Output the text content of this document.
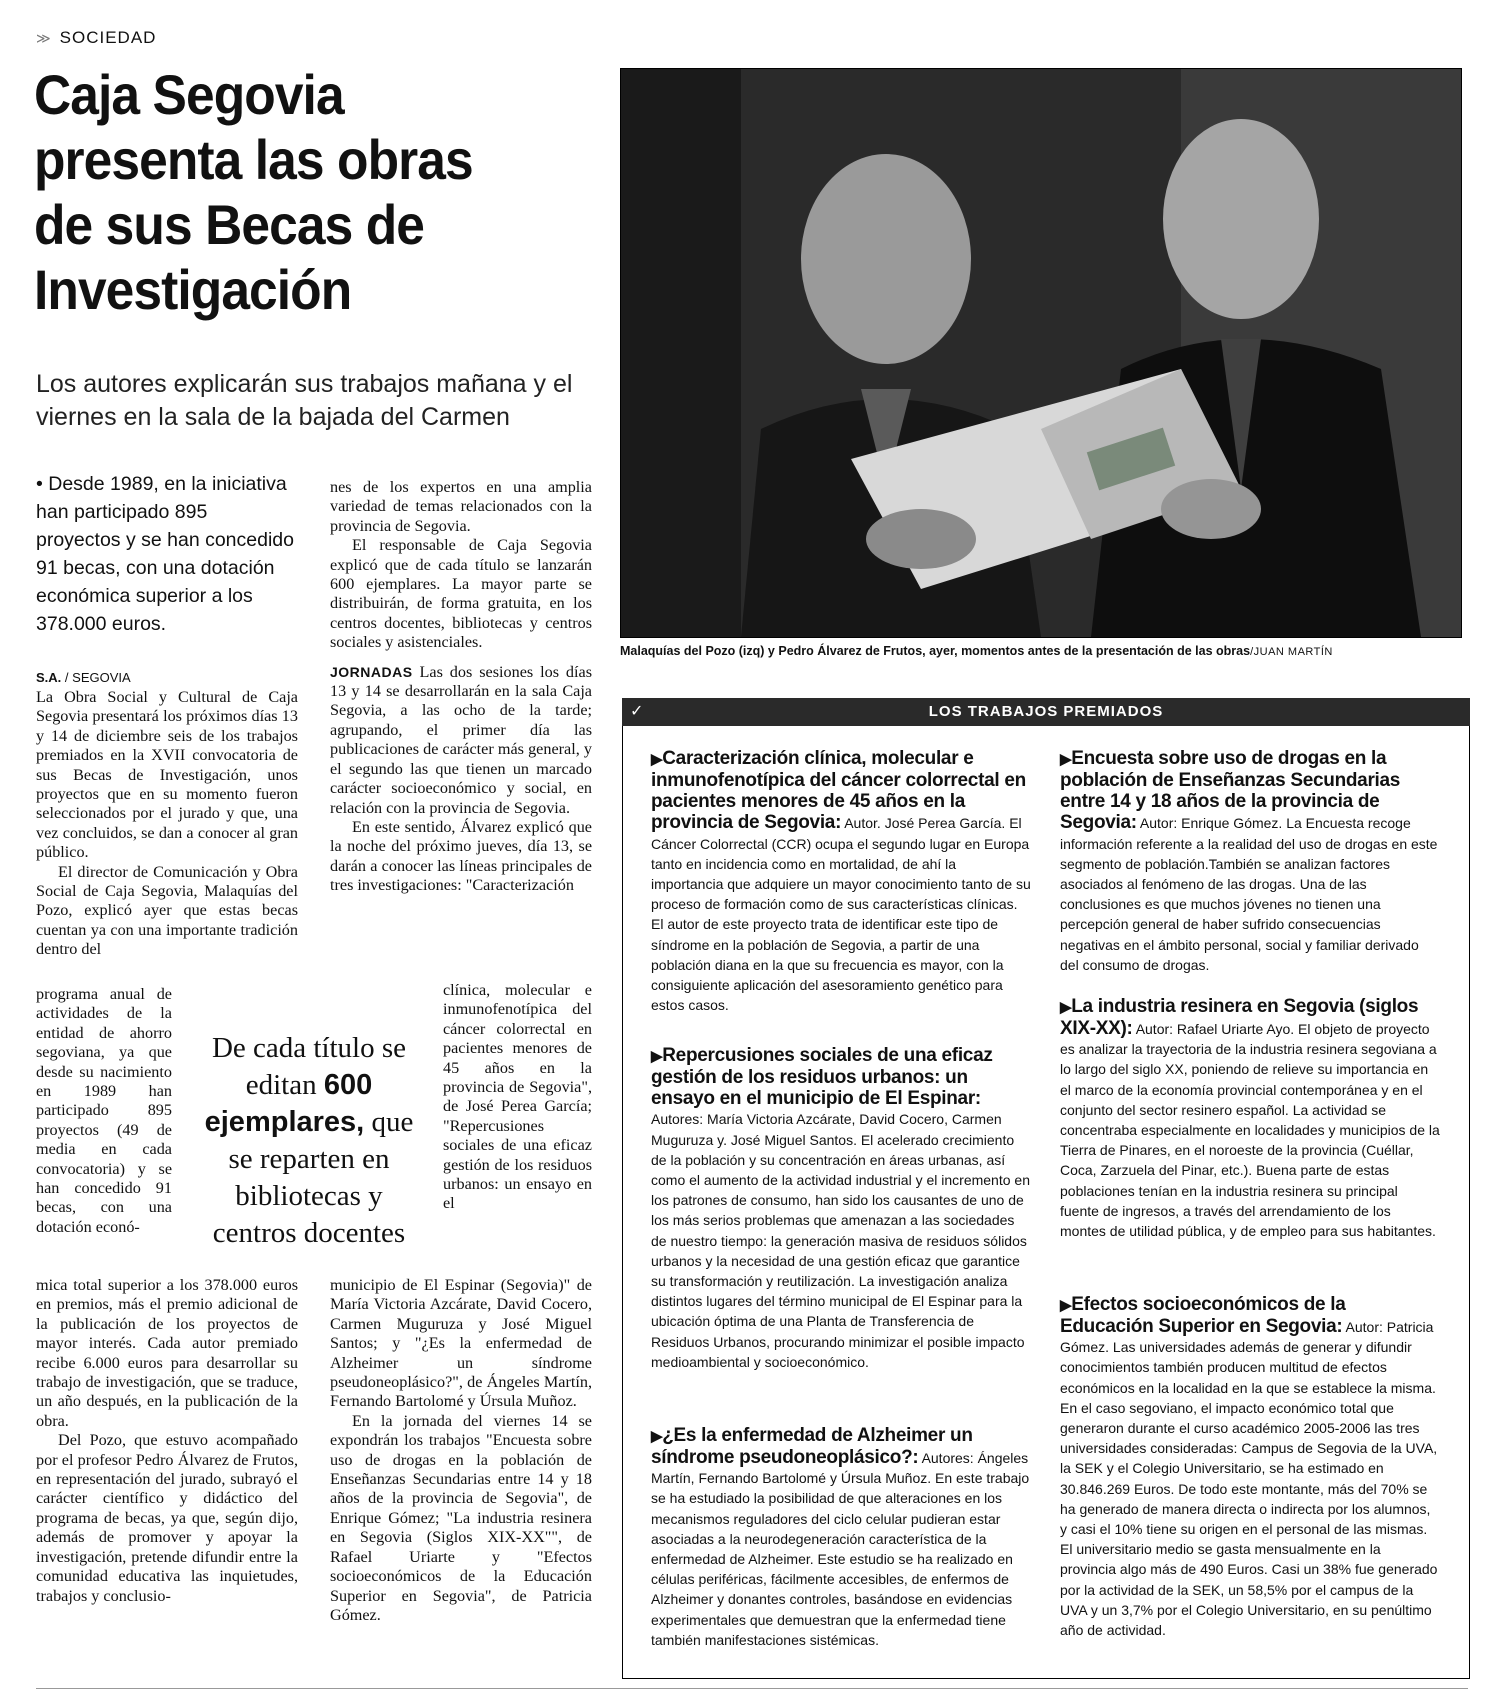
≫ SOCIEDAD
Caja Segovia presenta las obras de sus Becas de Investigación

Los autores explicarán sus trabajos mañana y el viernes en la sala de la bajada del Carmen

• Desde 1989, en la iniciativa han participado 895 proyectos y se han concedido 91 becas, con una dotación económica superior a los 378.000 euros.

S.A. / SEGOVIA

La Obra Social y Cultural de Caja Segovia presentará los próximos días 13 y 14 de diciembre seis de los trabajos premiados en la XVII convocatoria de sus Becas de Investigación, unos proyectos que en su momento fueron seleccionados por el jurado y que, una vez concluidos, se dan a conocer al gran público.

El director de Comunicación y Obra Social de Caja Segovia, Malaquías del Pozo, explicó ayer que estas becas cuentan ya con una importante tradición dentro del

programa anual de actividades de la entidad de ahorro segoviana, ya que desde su nacimiento en 1989 han participado 895 proyectos (49 de media en cada convocatoria) y se han concedido 91 becas, con una dotación econó-

mica total superior a los 378.000 euros en premios, más el premio adicional de la publicación de los proyectos de mayor interés. Cada autor premiado recibe 6.000 euros para desarrollar su trabajo de investigación, que se traduce, un año después, en la publicación de la obra.

Del Pozo, que estuvo acompañado por el profesor Pedro Álvarez de Frutos, en representación del jurado, subrayó el carácter científico y didáctico del programa de becas, ya que, según dijo, además de promover y apoyar la investigación, pretende difundir entre la comunidad educativa las inquietudes, trabajos y conclusio-

nes de los expertos en una amplia variedad de temas relacionados con la provincia de Segovia.

El responsable de Caja Segovia explicó que de cada título se lanzarán 600 ejemplares. La mayor parte se distribuirán, de forma gratuita, en los centros docentes, bibliotecas y centros sociales y asistenciales.

JORNADAS Las dos sesiones los días 13 y 14 se desarrollarán en la sala Caja Segovia, a las ocho de la tarde; agrupando, el primer día las publicaciones de carácter más general, y el segundo las que tienen un marcado carácter socioeconómico y social, en relación con la provincia de Segovia.

En este sentido, Álvarez explicó que la noche del próximo jueves, día 13, se darán a conocer las líneas principales de tres investigaciones: "Caracterización

clínica, molecular e inmunofenotípica del cáncer colorrectal en pacientes menores de 45 años en la provincia de Segovia", de José Perea García; "Repercusiones sociales de una eficaz gestión de los residuos urbanos: un ensayo en el

municipio de El Espinar (Segovia)" de María Victoria Azcárate, David Cocero, Carmen Muguruza y José Miguel Santos; y "¿Es la enfermedad de Alzheimer un síndrome pseudoneoplásico?", de Ángeles Martín, Fernando Bartolomé y Úrsula Muñoz.

En la jornada del viernes 14 se expondrán los trabajos "Encuesta sobre uso de drogas en la población de Enseñanzas Secundarias entre 14 y 18 años de la provincia de Segovia", de Enrique Gómez; "La industria resinera en Segovia (Siglos XIX-XX"", de Rafael Uriarte y "Efectos socioeconómicos de la Educación Superior en Segovia", de Patricia Gómez.

De cada título se editan 600 ejemplares, que se reparten en bibliotecas y centros docentes

Malaquías del Pozo (izq) y Pedro Álvarez de Frutos, ayer, momentos antes de la presentación de las obras/JUAN MARTÍN
✓	LOS TRABAJOS PREMIADOS

▶Caracterización clínica, molecular e inmunofenotípica del cáncer colorrectal en pacientes menores de 45 años en la provincia de Segovia: Autor. José Perea García. El Cáncer Colorrectal (CCR) ocupa el segundo lugar en Europa tanto en incidencia como en mortalidad, de ahí la importancia que adquiere un mayor conocimiento tanto de su proceso de formación como de sus características clínicas. El autor de este proyecto trata de identificar este tipo de síndrome en la población de Segovia, a partir de una población diana en la que su frecuencia es mayor, con la consiguiente aplicación del asesoramiento genético para estos casos.

▶Repercusiones sociales de una eficaz gestión de los residuos urbanos: un ensayo en el municipio de El Espinar: Autores: María Victoria Azcárate, David Cocero, Carmen Muguruza y. José Miguel Santos. El acelerado crecimiento de la población y su concentración en áreas urbanas, así como el aumento de la actividad industrial y el incremento en los patrones de consumo, han sido los causantes de uno de los más serios problemas que amenazan a las sociedades de nuestro tiempo: la generación masiva de residuos sólidos urbanos y la necesidad de una gestión eficaz que garantice su transformación y reutilización. La investigación analiza distintos lugares del término municipal de El Espinar para la ubicación óptima de una Planta de Transferencia de Residuos Urbanos, procurando minimizar el posible impacto medioambiental y socioeconómico.

▶¿Es la enfermedad de Alzheimer un síndrome pseudoneoplásico?: Autores: Ángeles Martín, Fernando Bartolomé y Úrsula Muñoz. En este trabajo se ha estudiado la posibilidad de que alteraciones en los mecanismos reguladores del ciclo celular pudieran estar asociadas a la neurodegeneración característica de la enfermedad de Alzheimer. Este estudio se ha realizado en células periféricas, fácilmente accesibles, de enfermos de Alzheimer y donantes controles, basándose en evidencias experimentales que demuestran que la enfermedad tiene también manifestaciones sistémicas.

▶Encuesta sobre uso de drogas en la población de Enseñanzas Secundarias entre 14 y 18 años de la provincia de Segovia: Autor: Enrique Gómez. La Encuesta recoge información referente a la realidad del uso de drogas en este segmento de población.También se analizan factores asociados al fenómeno de las drogas. Una de las conclusiones es que muchos jóvenes no tienen una percepción general de haber sufrido consecuencias negativas en el ámbito personal, social y familiar derivado del consumo de drogas.

▶La industria resinera en Segovia (siglos XIX-XX): Autor: Rafael Uriarte Ayo. El objeto de proyecto es analizar la trayectoria de la industria resinera segoviana a lo largo del siglo XX, poniendo de relieve su importancia en el marco de la economía provincial contemporánea y en el conjunto del sector resinero español. La actividad se concentraba especialmente en localidades y municipios de la Tierra de Pinares, en el noroeste de la provincia (Cuéllar, Coca, Zarzuela del Pinar, etc.). Buena parte de estas poblaciones tenían en la industria resinera su principal fuente de ingresos, a través del arrendamiento de los montes de utilidad pública, y de empleo para sus habitantes.

▶Efectos socioeconómicos de la Educación Superior en Segovia: Autor: Patricia Gómez. Las universidades además de generar y difundir conocimientos también producen multitud de efectos económicos en la localidad en la que se establece la misma. En el caso segoviano, el impacto económico total que generaron durante el curso académico 2005-2006 las tres universidades consideradas: Campus de Segovia de la UVA, la SEK y el Colegio Universitario, se ha estimado en 30.846.269 Euros. De todo este montante, más del 70% se ha generado de manera directa o indirecta por los alumnos, y casi el 10% tiene su origen en el personal de las mismas. El universitario medio se gasta mensualmente en la provincia algo más de 490 Euros. Casi un 38% fue generado por la actividad de la SEK, un 58,5% por el campus de la UVA y un 3,7% por el Colegio Universitario, en su penúltimo año de actividad.
